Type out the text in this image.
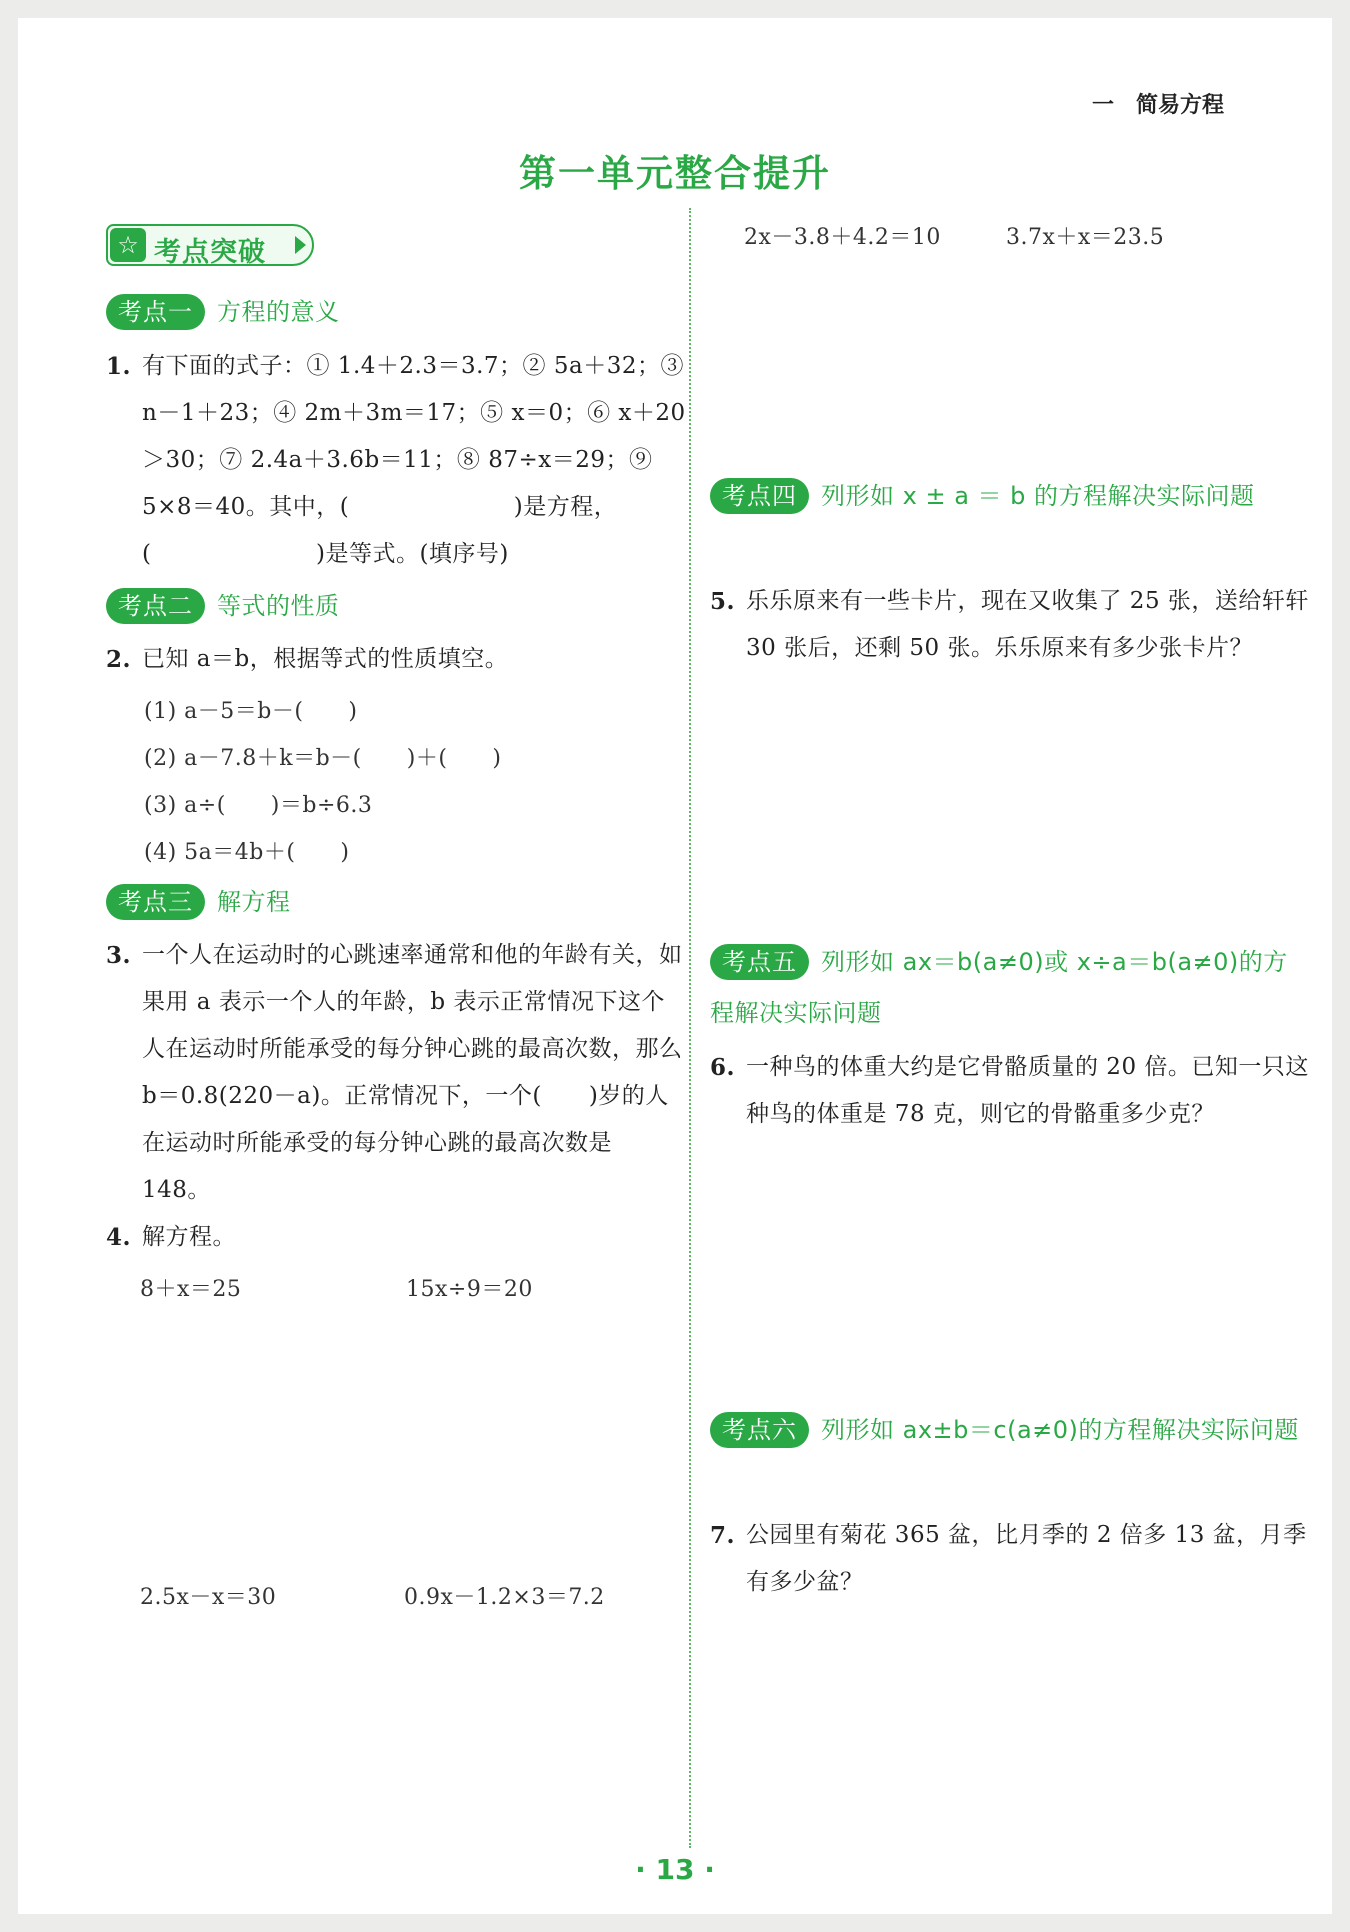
一　简易方程
第一单元整合提升
☆ 考点突破
考点一 方程的意义
1. 有下面的式子：① 1.4＋2.3＝3.7；② 5a＋32；③ n－1＋23；④ 2m＋3m＝17；⑤ x＝0；⑥ x＋20＞30；⑦ 2.4a＋3.6b＝11；⑧ 87÷x＝29；⑨ 5×8＝40。其中，(　　　　　　　)是方程，(　　　　　　　)是等式。(填序号)
考点二 等式的性质
2. 已知 a＝b，根据等式的性质填空。
(1) a－5＝b－(　　)
(2) a－7.8＋k＝b－(　　)＋(　　)
(3) a÷(　　)＝b÷6.3
(4) 5a＝4b＋(　　)
考点三 解方程
3. 一个人在运动时的心跳速率通常和他的年龄有关，如果用 a 表示一个人的年龄，b 表示正常情况下这个人在运动时所能承受的每分钟心跳的最高次数，那么 b＝0.8(220－a)。正常情况下，一个(　　)岁的人在运动时所能承受的每分钟心跳的最高次数是 148。
4. 解方程。
8＋x＝25	15x÷9＝20
2.5x－x＝30	0.9x－1.2×3＝7.2
2x－3.8＋4.2＝10	3.7x＋x＝23.5
考点四 列形如 x ± a ＝ b 的方程解决实际问题
5. 乐乐原来有一些卡片，现在又收集了 25 张，送给轩轩 30 张后，还剩 50 张。乐乐原来有多少张卡片？
考点五 列形如 ax＝b(a≠0)或 x÷a＝b(a≠0)的方程解决实际问题
6. 一种鸟的体重大约是它骨骼质量的 20 倍。已知一只这种鸟的体重是 78 克，则它的骨骼重多少克？
考点六 列形如 ax±b＝c(a≠0)的方程解决实际问题
7. 公园里有菊花 365 盆，比月季的 2 倍多 13 盆，月季有多少盆？
· 13 ·
